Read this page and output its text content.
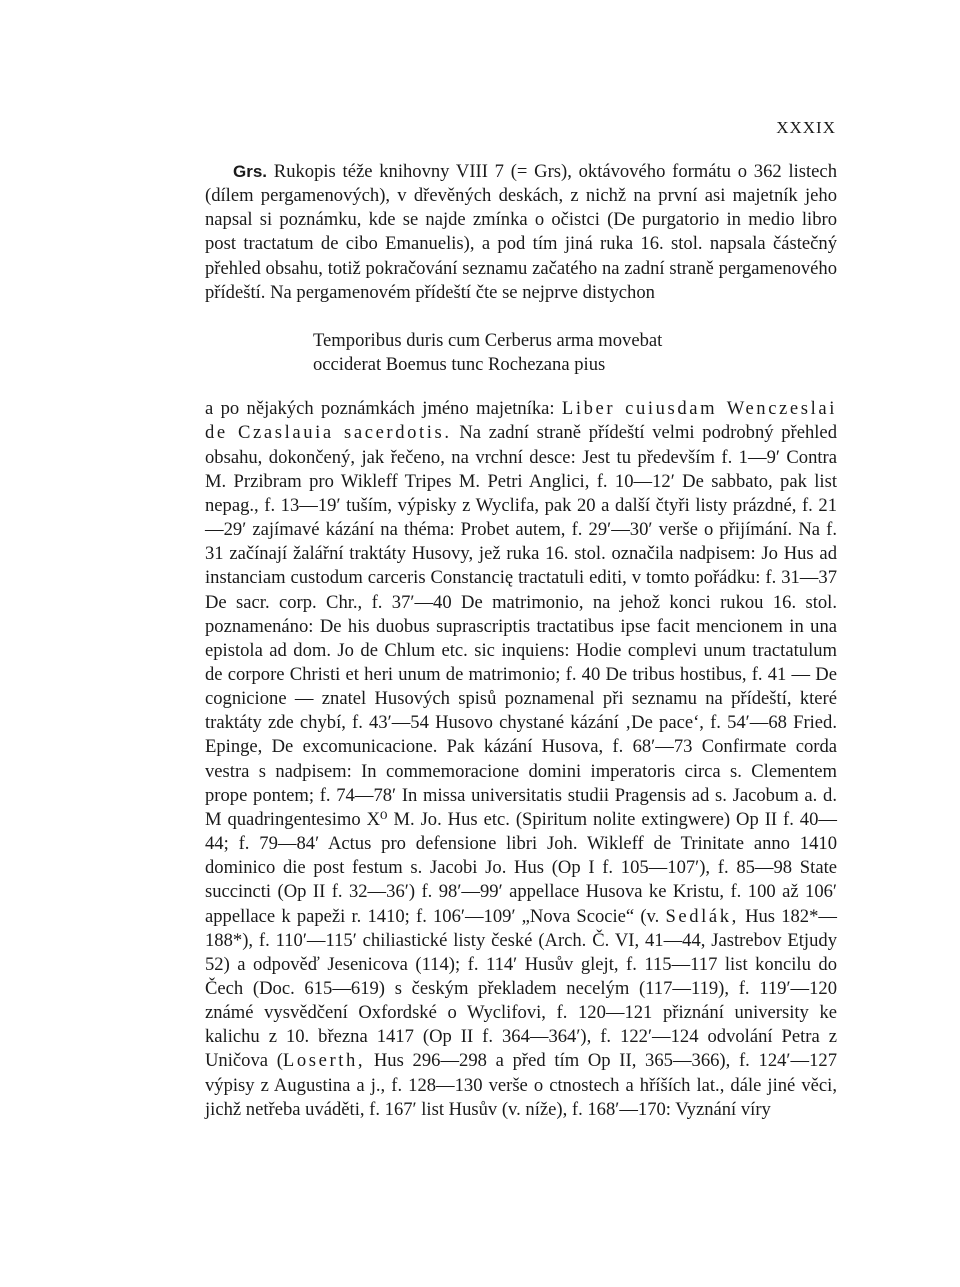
XXXIX

Grs. Rukopis téže knihovny VIII 7 (= Grs), oktávového formátu o 362 listech (dílem pergamenových), v dřevěných deskách, z nichž na první asi majetník jeho napsal si poznámku, kde se najde zmínka o očistci (De purgatorio in medio libro post tractatum de cibo Emanuelis), a pod tím jiná ruka 16. stol. napsala částečný přehled obsahu, totiž pokračování seznamu začatého na zadní straně pergamenového přídeští. Na pergamenovém přídeští čte se nejprve distychon

Temporibus duris cum Cerberus arma movebat
occiderat Boemus tunc Rochezana pius

a po nějakých poznámkách jméno majetníka: Liber cuiusdam Wenczeslai de Czaslauia sacerdotis. Na zadní straně přídeští velmi podrobný přehled obsahu, dokončený, jak řečeno, na vrchní desce: Jest tu především f. 1—9′ Contra M. Przibram pro Wikleff Tripes M. Petri Anglici, f. 10—12′ De sabbato, pak list nepag., f. 13—19′ tuším, výpisky z Wyclifa, pak 20 a další čtyři listy prázdné, f. 21—29′ zajímavé kázání na théma: Probet autem, f. 29′—30′ verše o přijímání. Na f. 31 začínají žalářní traktáty Husovy, jež ruka 16. stol. označila nadpisem: Jo Hus ad instanciam custodum carceris Constancię tractatuli editi, v tomto pořádku: f. 31—37 De sacr. corp. Chr., f. 37′—40 De matrimonio, na jehož konci rukou 16. stol. poznamenáno: De his duobus suprascriptis tractatibus ipse facit mencionem in una epistola ad dom. Jo de Chlum etc. sic inquiens: Hodie complevi unum tractatulum de corpore Christi et heri unum de matrimonio; f. 40 De tribus hostibus, f. 41 — De cognicione — znatel Husových spisů poznamenal při seznamu na přídeští, které traktáty zde chybí, f. 43′—54 Husovo chystané kázání ‚De pace‘, f. 54′—68 Fried. Epinge, De excomunicacione. Pak kázání Husova, f. 68′—73 Confirmate corda vestra s nadpisem: In commemoracione domini imperatoris circa s. Clementem prope pontem; f. 74—78′ In missa universitatis studii Pragensis ad s. Jacobum a. d. M quadringentesimo X⁰ M. Jo. Hus etc. (Spiritum nolite extingwere) Op II f. 40—44; f. 79—84′ Actus pro defensione libri Joh. Wikleff de Trinitate anno 1410 dominico die post festum s. Jacobi Jo. Hus (Op I f. 105—107′), f. 85—98 State succincti (Op II f. 32—36′) f. 98′—99′ appellace Husova ke Kristu, f. 100 až 106′ appellace k papeži r. 1410; f. 106′—109′ „Nova Scocie“ (v. Sedlák, Hus 182*—188*), f. 110′—115′ chiliastické listy české (Arch. Č. VI, 41—44, Jastrebov Etjudy 52) a odpověď Jesenicova (114); f. 114′ Husův glejt, f. 115—117 list koncilu do Čech (Doc. 615—619) s českým překladem necelým (117—119), f. 119′—120 známé vysvědčení Oxfordské o Wyclifovi, f. 120—121 přiznání university ke kalichu z 10. března 1417 (Op II f. 364—364′), f. 122′—124 odvolání Petra z Uničova (Loserth, Hus 296—298 a před tím Op II, 365—366), f. 124′—127 výpisy z Augustina a j., f. 128—130 verše o ctnostech a hříších lat., dále jiné věci, jichž netřeba uváděti, f. 167′ list Husův (v. níže), f. 168′—170: Vyznání víry
